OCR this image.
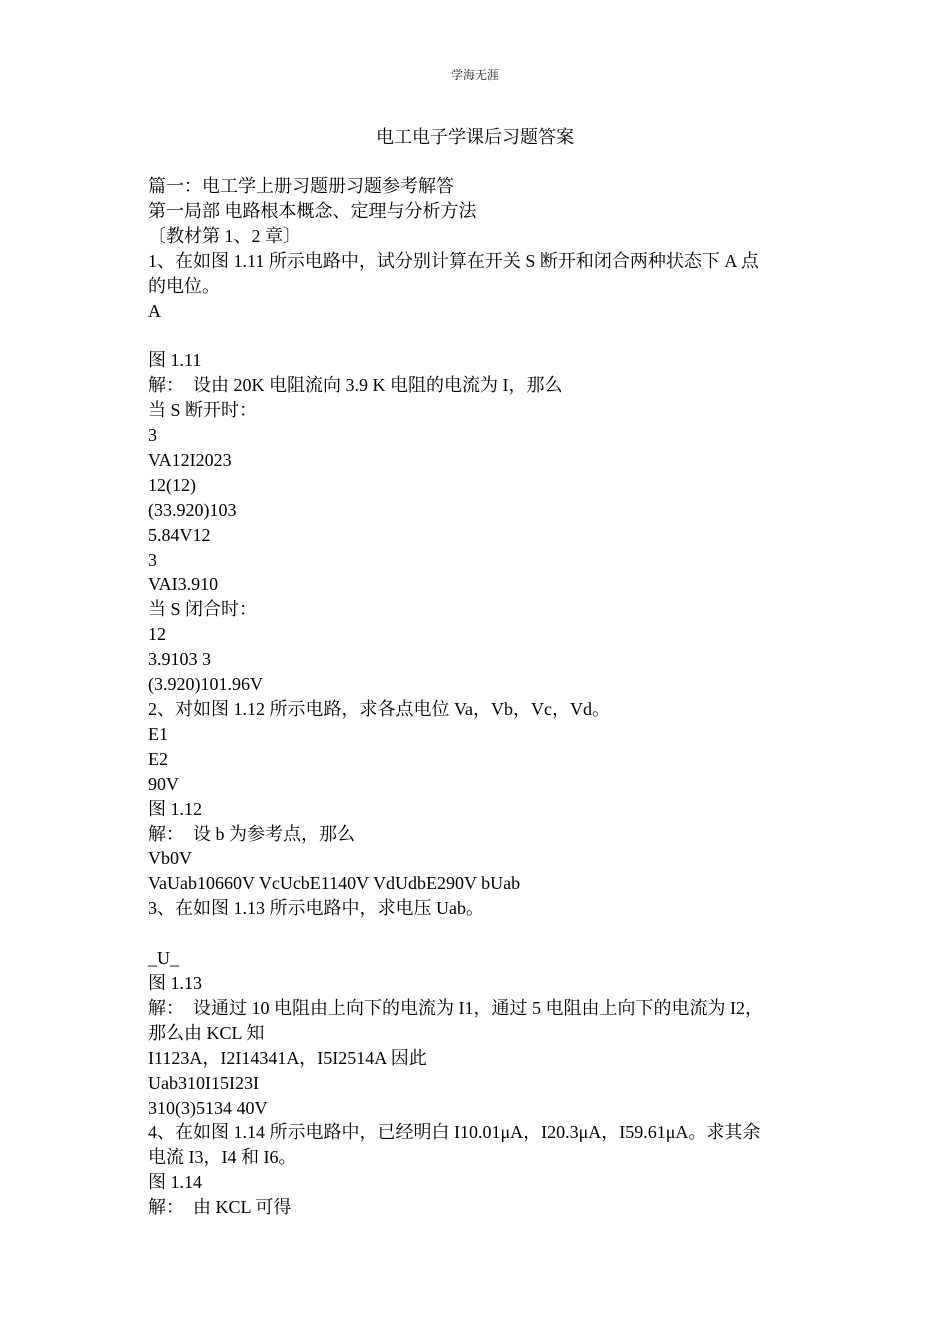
学海无涯
电工电子学课后习题答案
篇一：电工学上册习题册习题参考解答
第一局部 电路根本概念、定理与分析方法
〔教材第 1、2 章〕
1、在如图 1.11 所示电路中，试分别计算在开关 S 断开和闭合两种状态下 A 点
的电位。
A
图 1.11
解：  设由 20K 电阻流向 3.9 K 电阻的电流为 I，那么
当 S 断开时：
3
VA12I2023
12(12)
(33.920)103
5.84V12
3
VAI3.910
当 S 闭合时：
12
3.9103 3
(3.920)101.96V
2、对如图 1.12 所示电路，求各点电位 Va，Vb，Vc，Vd。
E1
E2
90V
图 1.12
解：  设 b 为参考点，那么
Vb0V
VaUab10660V VcUcbE1140V VdUdbE290V bUab
3、在如图 1.13 所示电路中，求电压 Uab。
_U_
图 1.13
解：  设通过 10 电阻由上向下的电流为 I1，通过 5 电阻由上向下的电流为 I2，
那么由 KCL 知
I1123A，I2I14341A，I5I2514A 因此
Uab310I15I23I
310(3)5134 40V
4、在如图 1.14 所示电路中，已经明白 I10.01μA，I20.3μA，I59.61μA。求其余
电流 I3，I4 和 I6。
图 1.14
解：  由 KCL 可得
